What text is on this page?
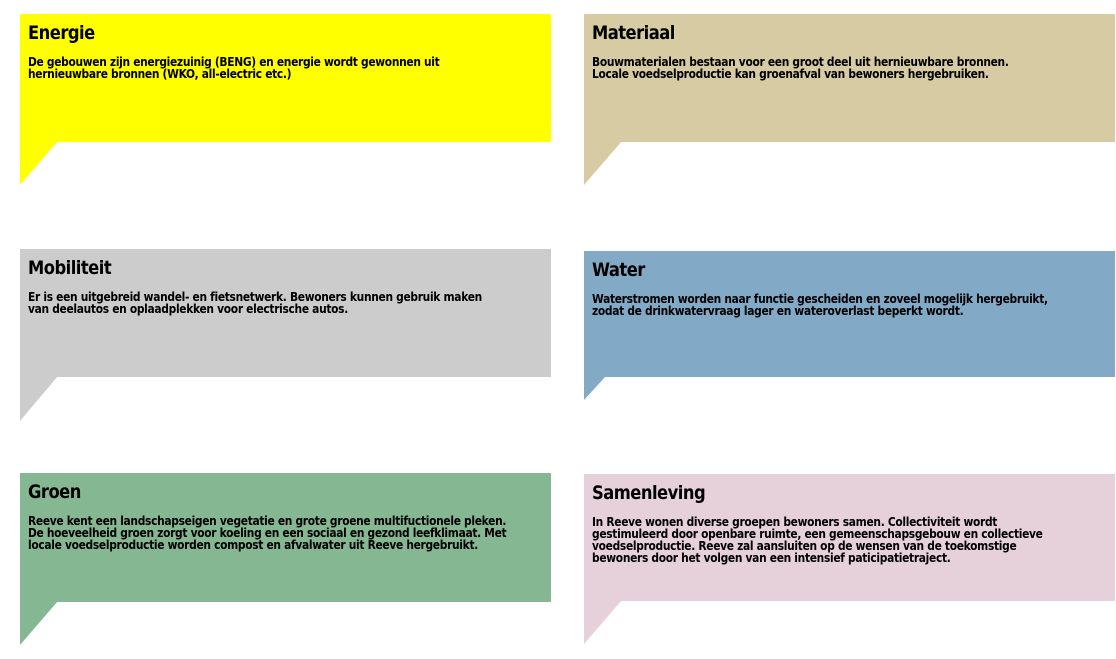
Energie
De gebouwen zijn energiezuinig (BENG) en energie wordt gewonnen uit
hernieuwbare bronnen (WKO, all-electric etc.)
Materiaal
Bouwmaterialen bestaan voor een groot deel uit hernieuwbare bronnen.
Locale voedselproductie kan groenafval van bewoners hergebruiken.
Mobiliteit
Er is een uitgebreid wandel- en fietsnetwerk. Bewoners kunnen gebruik maken
van deelautos en oplaadplekken voor electrische autos.
Water
Waterstromen worden naar functie gescheiden en zoveel mogelijk hergebruikt,
zodat de drinkwatervraag lager en wateroverlast beperkt wordt.
Groen
Reeve kent een landschapseigen vegetatie en grote groene multifuctionele pleken.
De hoeveelheid groen zorgt voor koeling en een sociaal en gezond leefklimaat. Met
locale voedselproductie worden compost en afvalwater uit Reeve hergebruikt.
Samenleving
In Reeve wonen diverse groepen bewoners samen. Collectiviteit wordt
gestimuleerd door openbare ruimte, een gemeenschapsgebouw en collectieve
voedselproductie. Reeve zal aansluiten op de wensen van de toekomstige
bewoners door het volgen van een intensief paticipatietraject.
